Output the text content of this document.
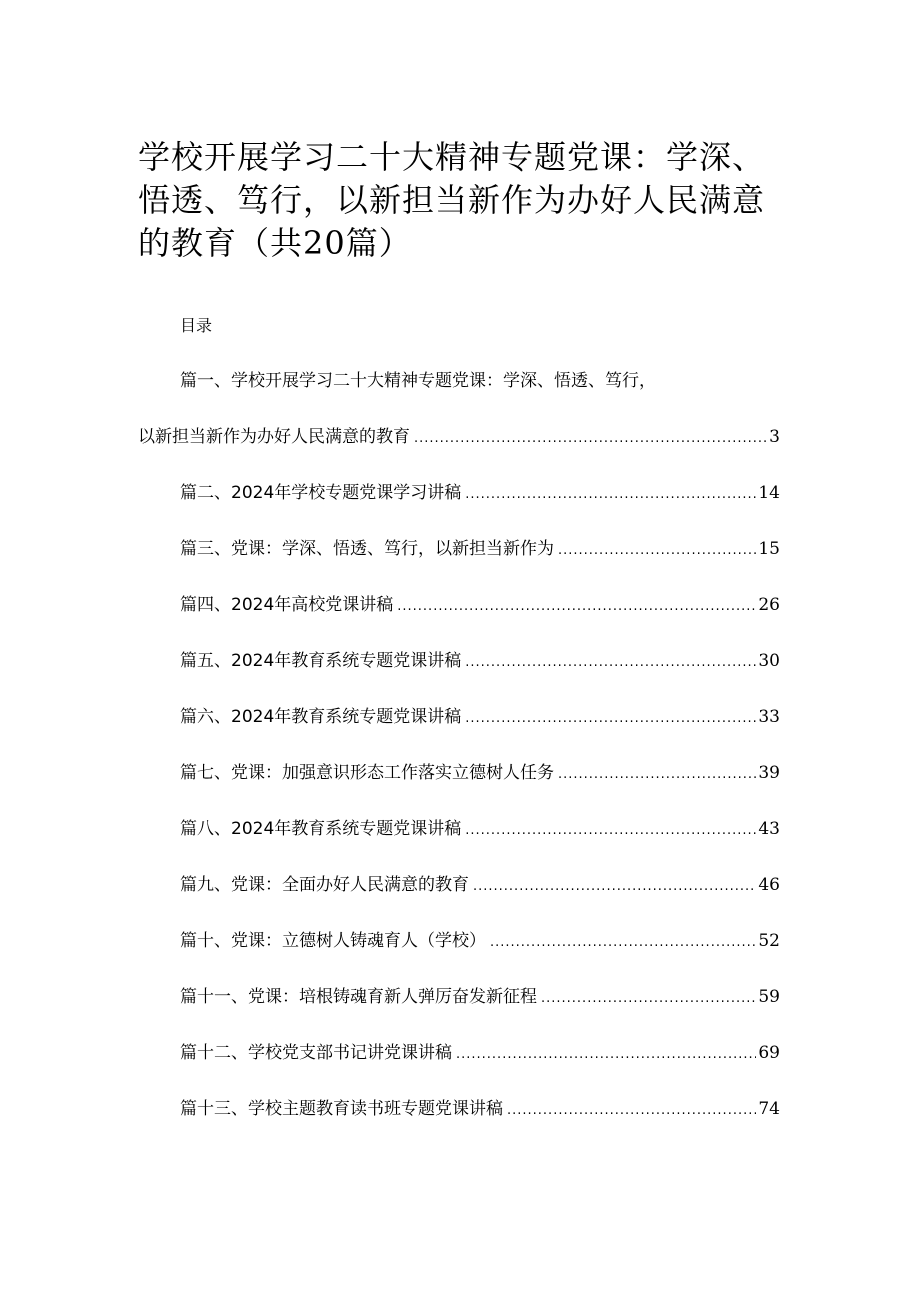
学校开展学习二十大精神专题党课：学深、悟透、笃行，以新担当新作为办好人民满意的教育（共20篇）
目录
篇一、学校开展学习二十大精神专题党课：学深、悟透、笃行，
以新担当新作为办好人民满意的教育 .....	3
篇二、2024年学校专题党课学习讲稿 .....	14
篇三、党课：学深、悟透、笃行，以新担当新作为 .....	15
篇四、2024年高校党课讲稿 .....	26
篇五、2024年教育系统专题党课讲稿 .....	30
篇六、2024年教育系统专题党课讲稿 .....	33
篇七、党课：加强意识形态工作落实立德树人任务 .....	39
篇八、2024年教育系统专题党课讲稿 .....	43
篇九、党课：全面办好人民满意的教育 .....	46
篇十、党课：立德树人铸魂育人（学校） .....	52
篇十一、党课：培根铸魂育新人弹厉奋发新征程 .....	59
篇十二、学校党支部书记讲党课讲稿 .....	69
篇十三、学校主题教育读书班专题党课讲稿 .....	74
